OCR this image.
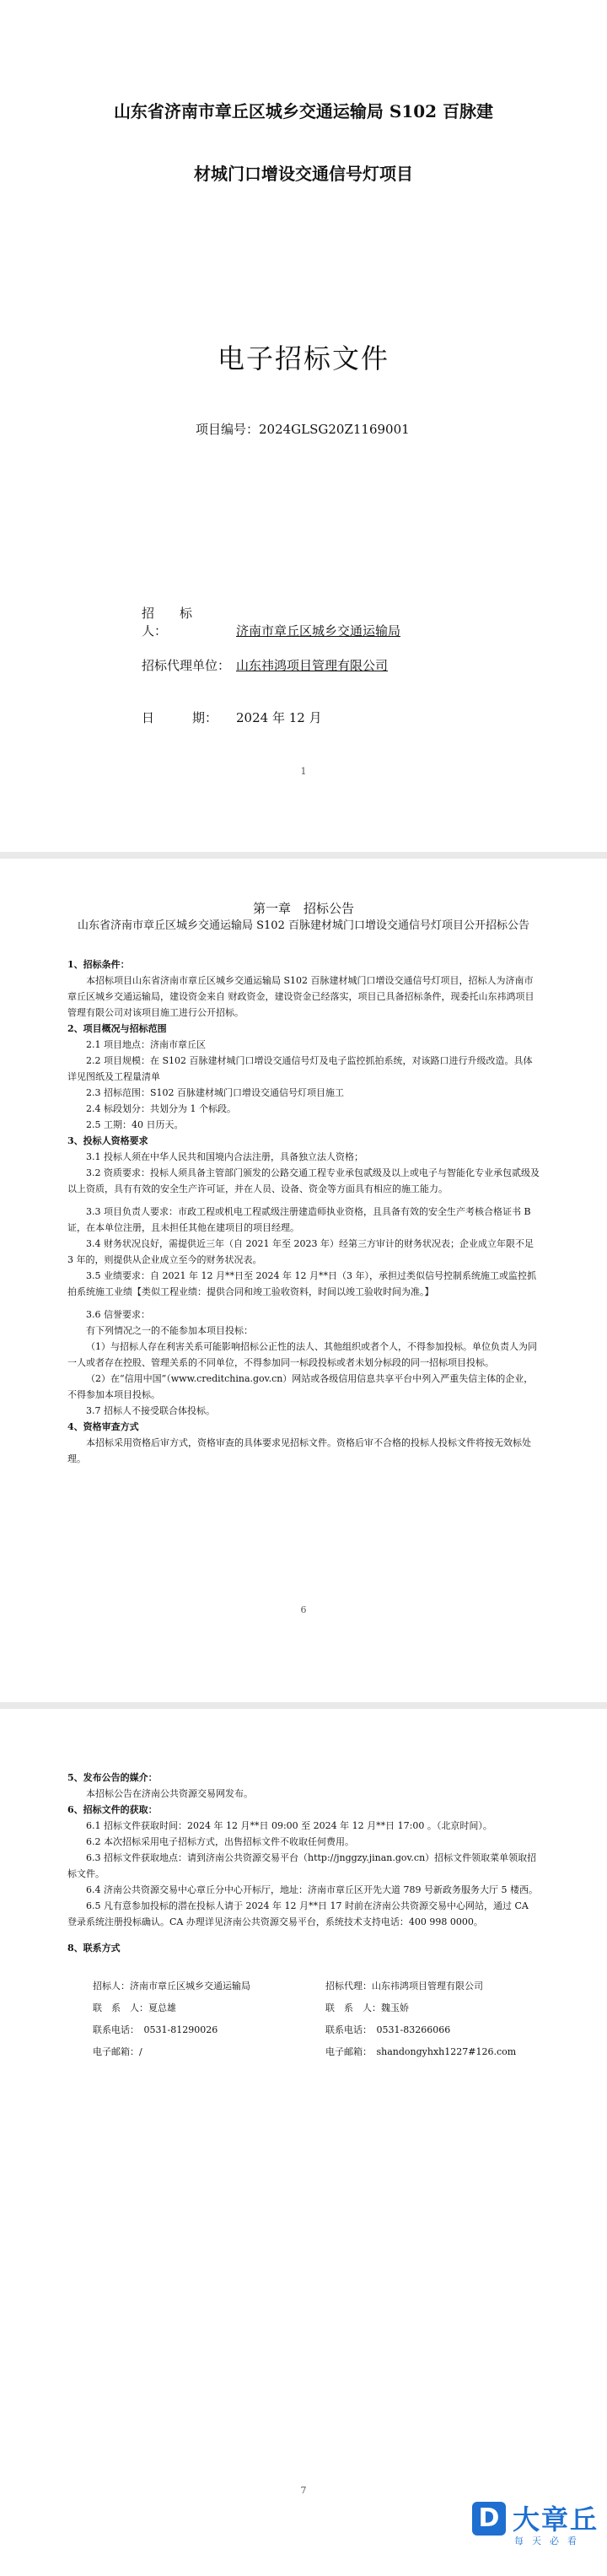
山东省济南市章丘区城乡交通运输局 S102 百脉建
材城门口增设交通信号灯项目
电子招标文件
项目编号：2024GLSG20Z1169001
招　　标　　人：	济南市章丘区城乡交通运输局
招标代理单位： 山东祎鸿项目管理有限公司
日　　　期： 2024 年 12 月
1
第一章　招标公告
山东省济南市章丘区城乡交通运输局 S102 百脉建材城门口增设交通信号灯项目公开招标公告

1、招标条件：

本招标项目山东省济南市章丘区城乡交通运输局 S102 百脉建材城门口增设交通信号灯项目，招标人为济南市章丘区城乡交通运输局，建设资金来自 财政资金，建设资金已经落实，项目已具备招标条件，现委托山东祎鸿项目管理有限公司对该项目施工进行公开招标。

2、项目概况与招标范围

2.1 项目地点：济南市章丘区

2.2 项目规模：在 S102 百脉建材城门口增设交通信号灯及电子监控抓拍系统，对该路口进行升级改造。具体详见图纸及工程量清单

2.3 招标范围：S102 百脉建材城门口增设交通信号灯项目施工

2.4 标段划分：共划分为 1 个标段。

2.5 工期：40 日历天。

3、投标人资格要求

3.1 投标人须在中华人民共和国境内合法注册，具备独立法人资格；

3.2 资质要求：投标人须具备主管部门颁发的公路交通工程专业承包贰级及以上或电子与智能化专业承包贰级及以上资质，具有有效的安全生产许可证，并在人员、设备、资金等方面具有相应的施工能力。

3.3 项目负责人要求：市政工程或机电工程贰级注册建造师执业资格，且具备有效的安全生产考核合格证书 B 证，在本单位注册，且未担任其他在建项目的项目经理。

3.4 财务状况良好，需提供近三年（自 2021 年至 2023 年）经第三方审计的财务状况表；企业成立年限不足 3 年的，则提供从企业成立至今的财务状况表。

3.5 业绩要求：自 2021 年 12 月**日至 2024 年 12 月**日（3 年），承担过类似信号控制系统施工或监控抓拍系统施工业绩【类似工程业绩：提供合同和竣工验收资料，时间以竣工验收时间为准。】

3.6 信誉要求：

有下列情况之一的不能参加本项目投标：

（1）与招标人存在利害关系可能影响招标公正性的法人、其他组织或者个人，不得参加投标。单位负责人为同一人或者存在控股、管理关系的不同单位，不得参加同一标段投标或者未划分标段的同一招标项目投标。

（2）在“信用中国”（www.creditchina.gov.cn）网站或各级信用信息共享平台中列入严重失信主体的企业，不得参加本项目投标。

3.7 招标人不接受联合体投标。

4、资格审查方式

本招标采用资格后审方式，资格审查的具体要求见招标文件。资格后审不合格的投标人投标文件将按无效标处理。

6

5、发布公告的媒介：

本招标公告在济南公共资源交易网发布。

6、招标文件的获取：

6.1 招标文件获取时间：2024 年 12 月**日 09:00 至 2024 年 12 月**日 17:00 。（北京时间）。

6.2 本次招标采用电子招标方式，出售招标文件不收取任何费用。

6.3 招标文件获取地点：请到济南公共资源交易平台（http://jnggzy.jinan.gov.cn）招标文件领取菜单领取招标文件。

6.4 济南公共资源交易中心章丘分中心开标厅，地址：济南市章丘区开先大道 789 号新政务服务大厅 5 楼西。

6.5 凡有意参加投标的潜在投标人请于 2024 年 12 月**日 17 时前在济南公共资源交易中心网站，通过 CA 登录系统注册投标确认。CA 办理详见济南公共资源交易平台，系统技术支持电话：400 998 0000。

8、联系方式

招标人：济南市章丘区城乡交通运输局
联　系　人：夏总雄
联系电话：　0531-81290026
电子邮箱：/
招标代理：山东祎鸿项目管理有限公司
联　系　人：魏玉娇
联系电话：　0531-83266066
电子邮箱：　shandongyhxh1227#126.com
7
D 大章丘
每天必看
